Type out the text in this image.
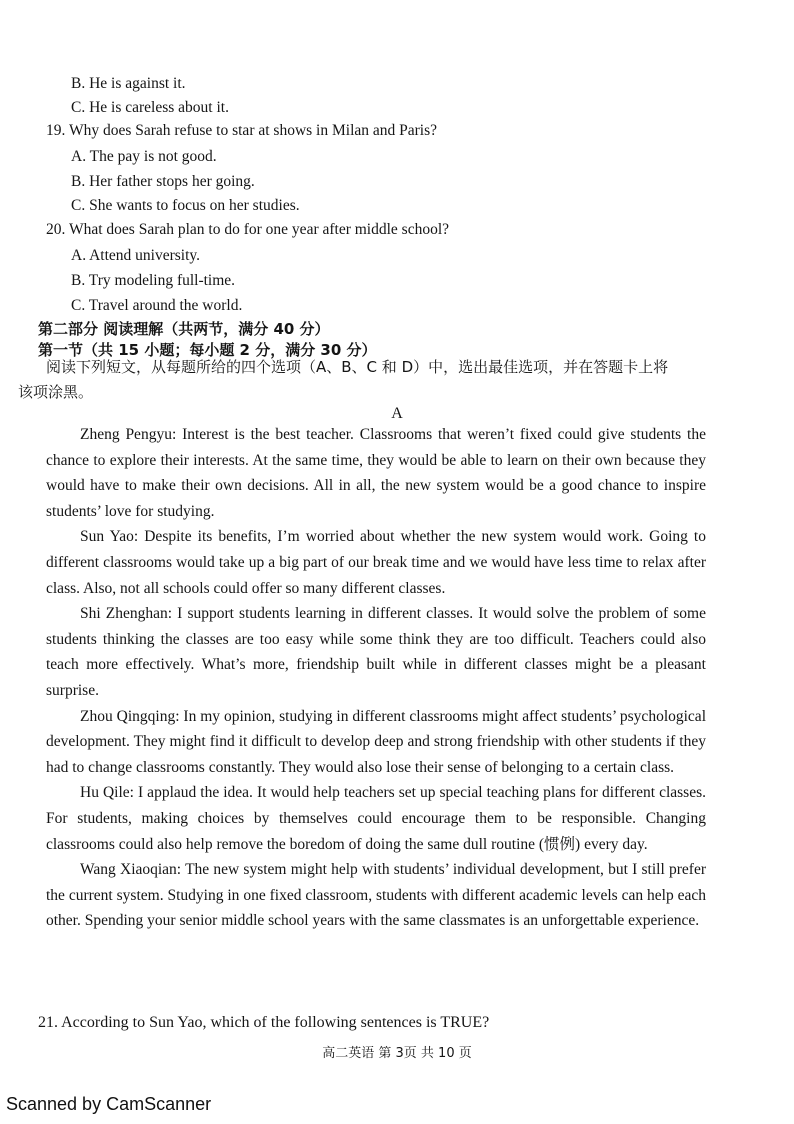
B. He is against it.
C. He is careless about it.
19. Why does Sarah refuse to star at shows in Milan and Paris?
A. The pay is not good.
B. Her father stops her going.
C. She wants to focus on her studies.
20. What does Sarah plan to do for one year after middle school?
A. Attend university.
B. Try modeling full-time.
C. Travel around the world.
第二部分 阅读理解（共两节，满分 40 分）
第一节（共 15 小题；每小题 2 分，满分 30 分）
阅读下列短文，从每题所给的四个选项（A、B、C 和 D）中，选出最佳选项，并在答题卡上将
该项涂黑。
A

Zheng Pengyu: Interest is the best teacher. Classrooms that weren’t fixed could give students the chance to explore their interests. At the same time, they would be able to learn on their own because they would have to make their own decisions. All in all, the new system would be a good chance to inspire students’ love for studying.

Sun Yao: Despite its benefits, I’m worried about whether the new system would work. Going to different classrooms would take up a big part of our break time and we would have less time to relax after class. Also, not all schools could offer so many different classes.

Shi Zhenghan: I support students learning in different classes. It would solve the problem of some students thinking the classes are too easy while some think they are too difficult. Teachers could also teach more effectively. What’s more, friendship built while in different classes might be a pleasant surprise.

Zhou Qingqing: In my opinion, studying in different classrooms might affect students’ psychological development. They might find it difficult to develop deep and strong friendship with other students if they had to change classrooms constantly. They would also lose their sense of belonging to a certain class.

Hu Qile: I applaud the idea. It would help teachers set up special teaching plans for different classes. For students, making choices by themselves could encourage them to be responsible. Changing classrooms could also help remove the boredom of doing the same dull routine (惯例) every day.

Wang Xiaoqian: The new system might help with students’ individual development, but I still prefer the current system. Studying in one fixed classroom, students with different academic levels can help each other. Spending your senior middle school years with the same classmates is an unforgettable experience.

21. According to Sun Yao, which of the following sentences is TRUE?
高二英语 第 3页 共 10 页
Scanned by CamScanner
